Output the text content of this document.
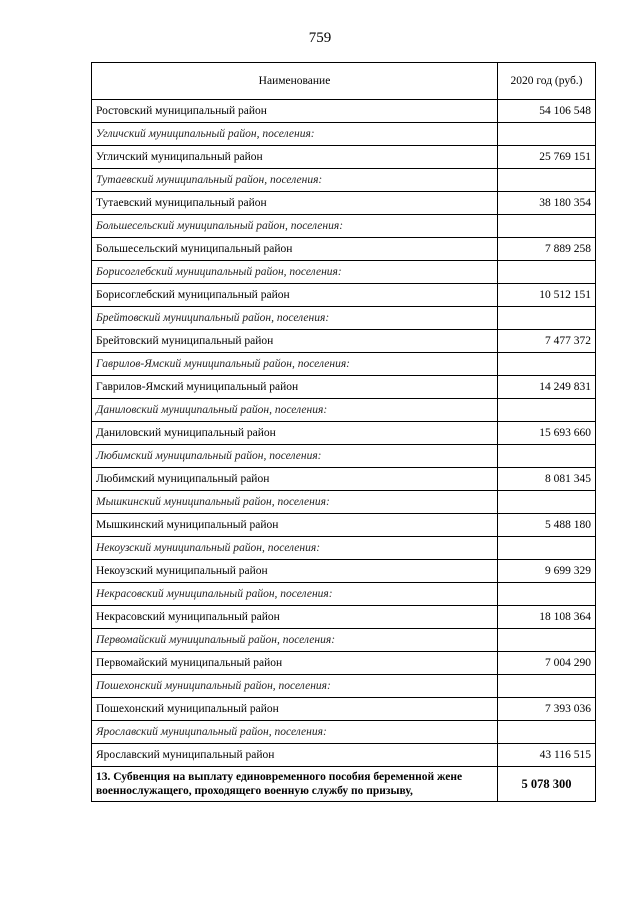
759
Наименование	2020 год (руб.)
Ростовский муниципальный район	54 106 548
Угличский муниципальный район, поселения:	
Угличский муниципальный район	25 769 151
Тутаевский муниципальный район, поселения:	
Тутаевский муниципальный район	38 180 354
Большесельский муниципальный район, поселения:	
Большесельский муниципальный район	7 889 258
Борисоглебский муниципальный район, поселения:	
Борисоглебский муниципальный район	10 512 151
Брейтовский муниципальный район, поселения:	
Брейтовский муниципальный район	7 477 372
Гаврилов-Ямский муниципальный район, поселения:	
Гаврилов-Ямский муниципальный район	14 249 831
Даниловский муниципальный район, поселения:	
Даниловский муниципальный район	15 693 660
Любимский муниципальный район, поселения:	
Любимский муниципальный район	8 081 345
Мышкинский муниципальный район, поселения:	
Мышкинский муниципальный район	5 488 180
Некоузский муниципальный район, поселения:	
Некоузский муниципальный район	9 699 329
Некрасовский муниципальный район, поселения:	
Некрасовский муниципальный район	18 108 364
Первомайский муниципальный район, поселения:	
Первомайский муниципальный район	7 004 290
Пошехонский муниципальный район, поселения:	
Пошехонский муниципальный район	7 393 036
Ярославский муниципальный район, поселения:	
Ярославский муниципальный район	43 116 515
13. Субвенция на выплату единовременного пособия беременной жене военнослужащего, проходящего военную службу по призыву,	5 078 300
